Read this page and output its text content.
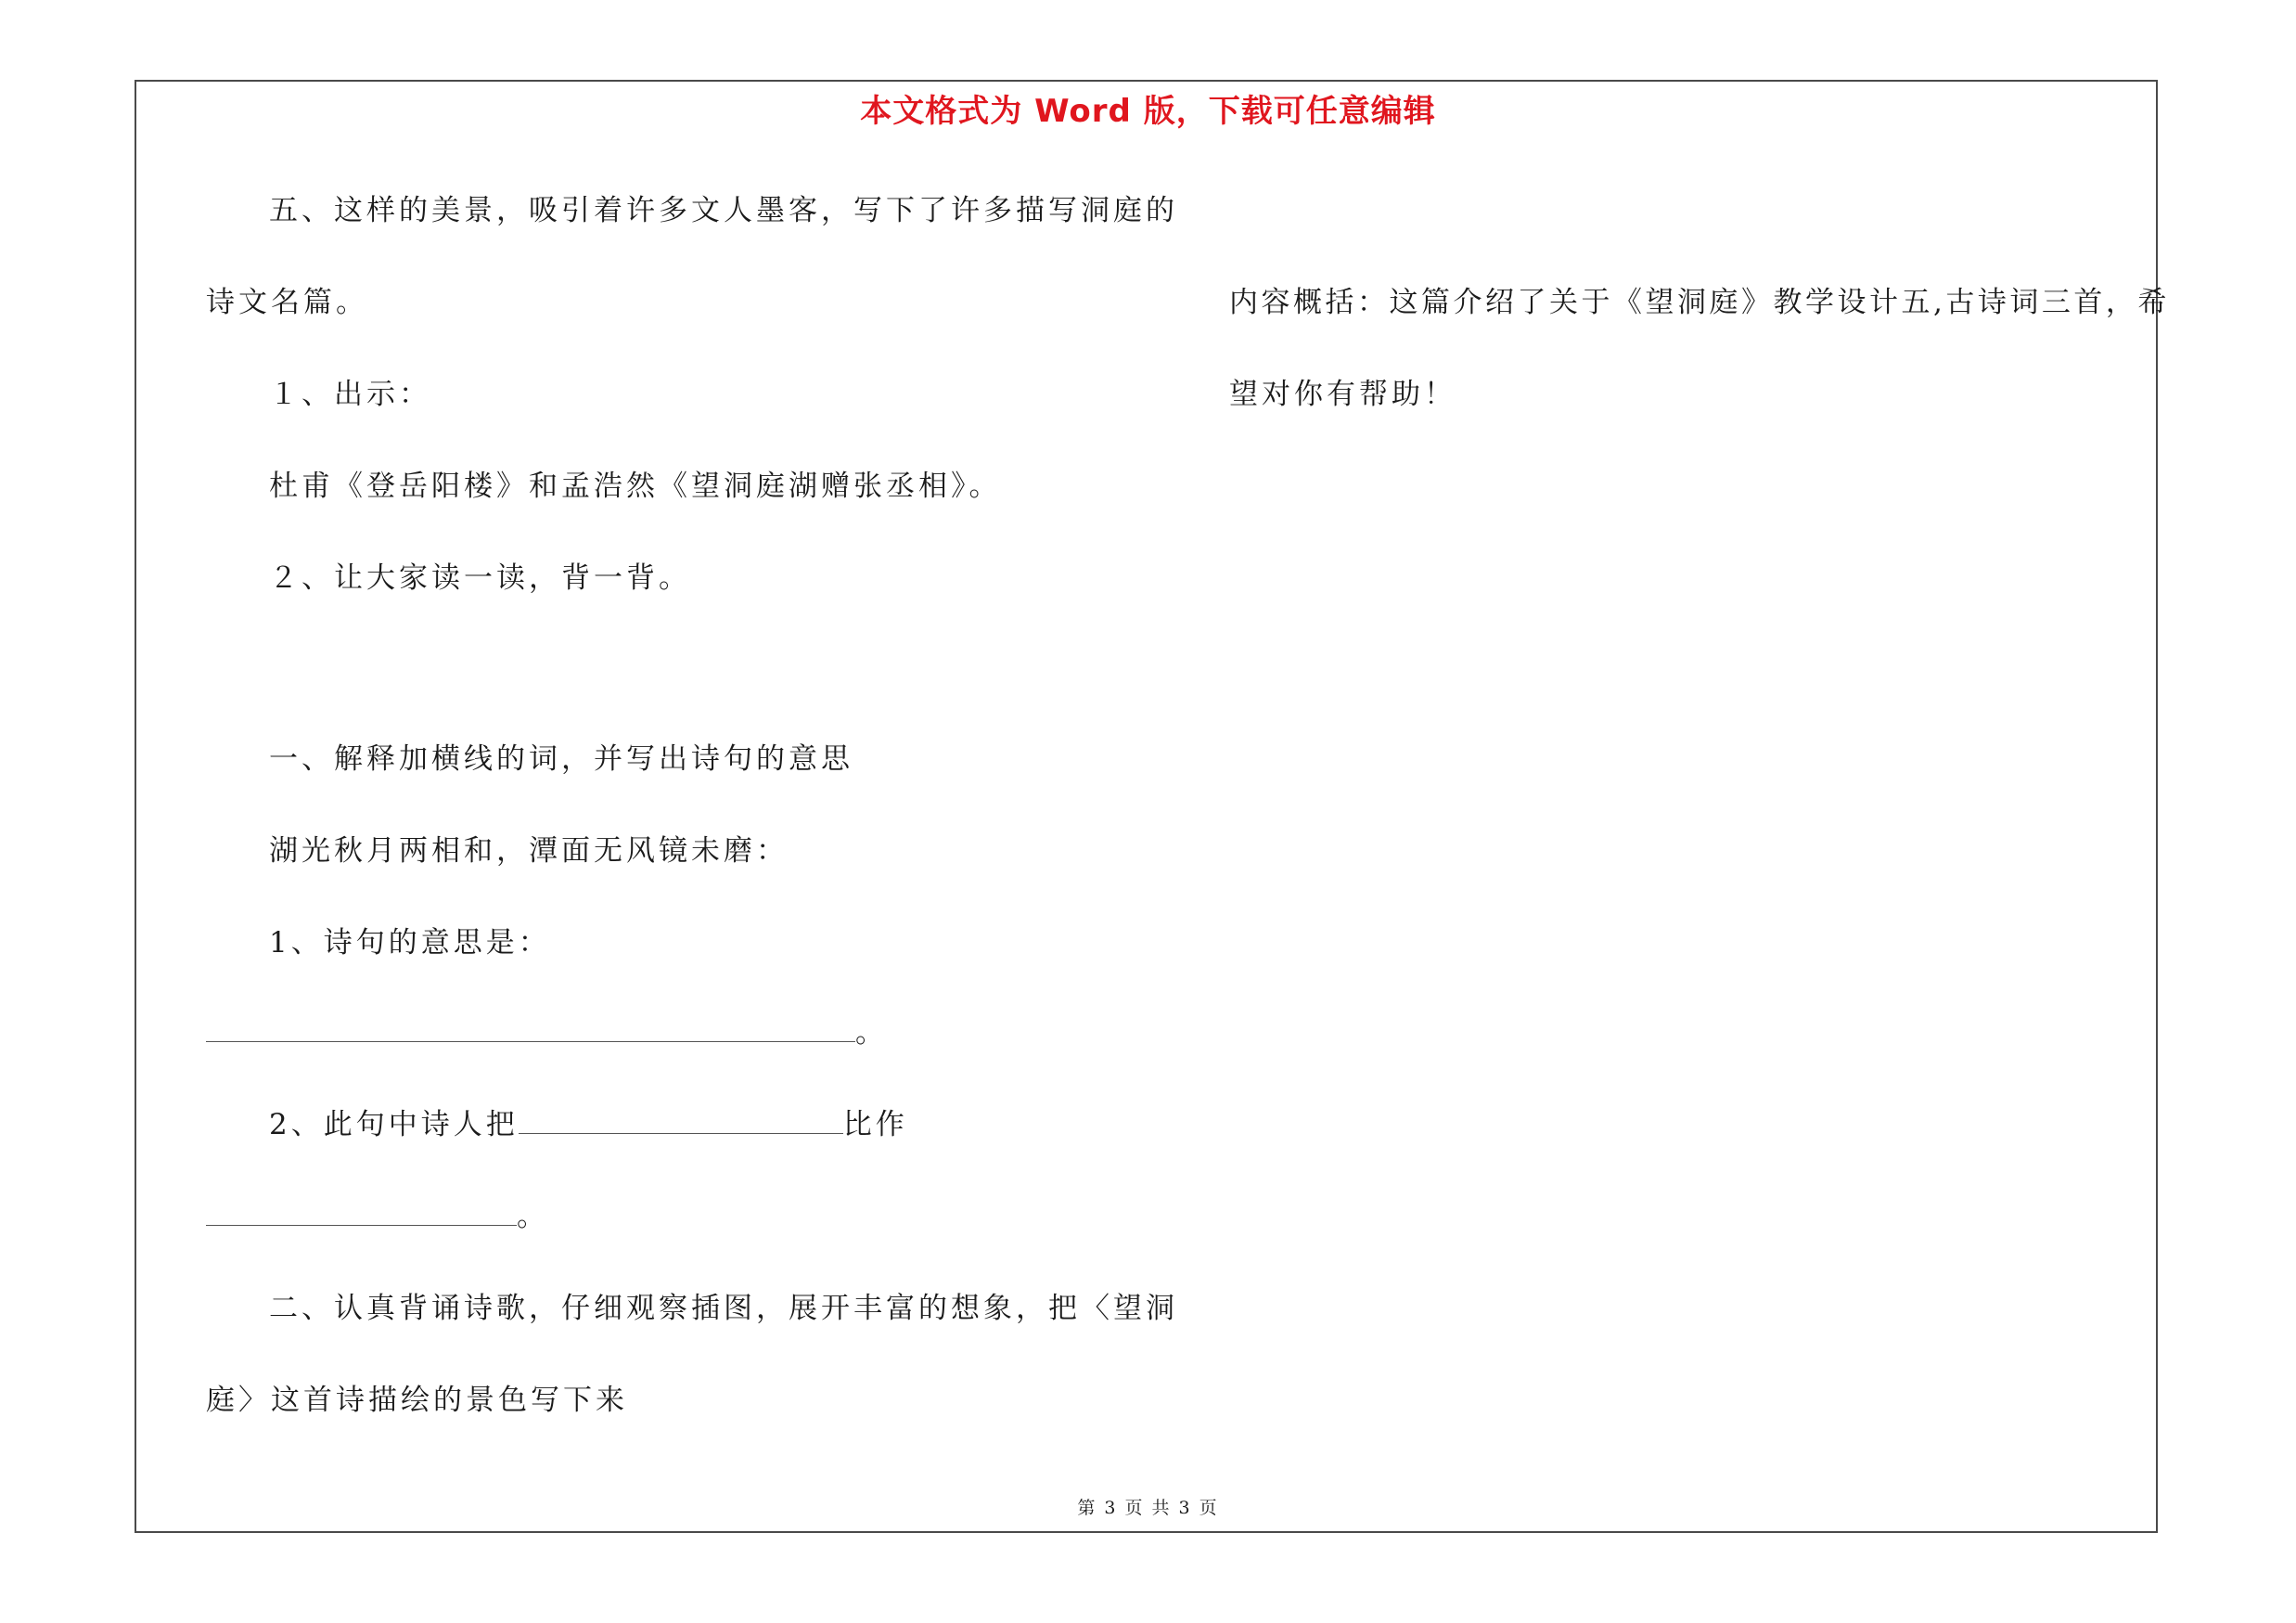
本文格式为 Word 版，下载可任意编辑
五、这样的美景，吸引着许多文人墨客，写下了许多描写洞庭的
诗文名篇。
１、出示：
杜甫《登岳阳楼》和孟浩然《望洞庭湖赠张丞相》。
２、让大家读一读，背一背。
一、解释加横线的词，并写出诗句的意思
湖光秋月两相和，潭面无风镜未磨：
1、诗句的意思是：
。
2、此句中诗人把	比作
。
二、认真背诵诗歌，仔细观察插图，展开丰富的想象，把〈望洞
庭〉这首诗描绘的景色写下来
内容概括：这篇介绍了关于《望洞庭》教学设计五,古诗词三首，希
望对你有帮助！
第 3 页 共 3 页
